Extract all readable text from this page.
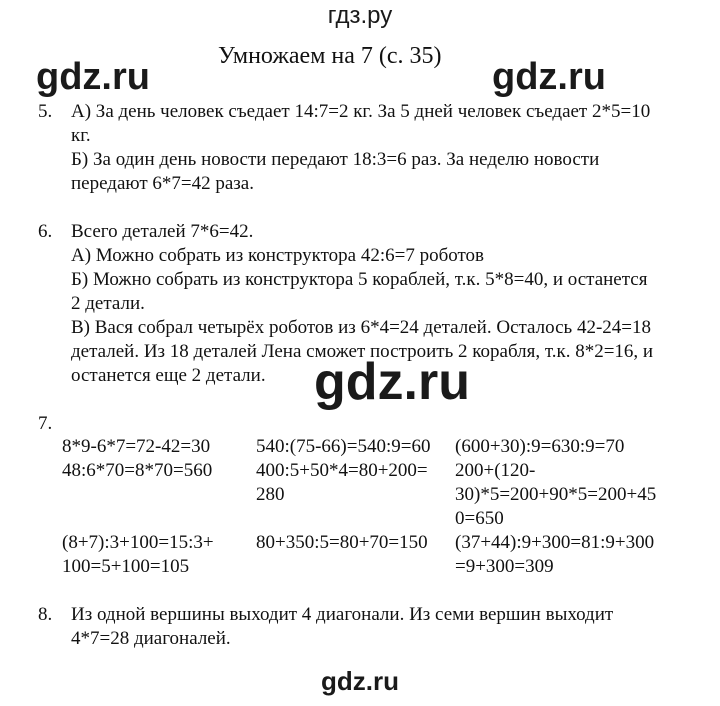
гдз.ру
Умножаем на 7 (с. 35)
gdz.ru	gdz.ru
5. А) За день человек съедает 14:7=2 кг. За 5 дней человек съедает 2*5=10
кг.
Б) За один день новости передают 18:3=6 раз. За неделю новости
передают 6*7=42 раза.
6. Всего деталей 7*6=42.
А) Можно собрать из конструктора 42:6=7 роботов
Б) Можно собрать из конструктора 5 кораблей, т.к. 5*8=40, и останется
2 детали.
В) Вася собрал четырёх роботов из 6*4=24 деталей. Осталось 42-24=18
деталей. Из 18 деталей Лена сможет построить 2 корабля, т.к. 8*2=16, и
останется еще 2 детали. gdz.ru
7.
8*9-6*7=72-42=30
48:6*70=8*70=560
(8+7):3+100=15:3+
100=5+100=105
540:(75-66)=540:9=60
400:5+50*4=80+200=
280
80+350:5=80+70=150
(600+30):9=630:9=70
200+(120-
30)*5=200+90*5=200+45
0=650
(37+44):9+300=81:9+300
=9+300=309
8. Из одной вершины выходит 4 диагонали. Из семи вершин выходит
4*7=28 диагоналей.
gdz.ru
